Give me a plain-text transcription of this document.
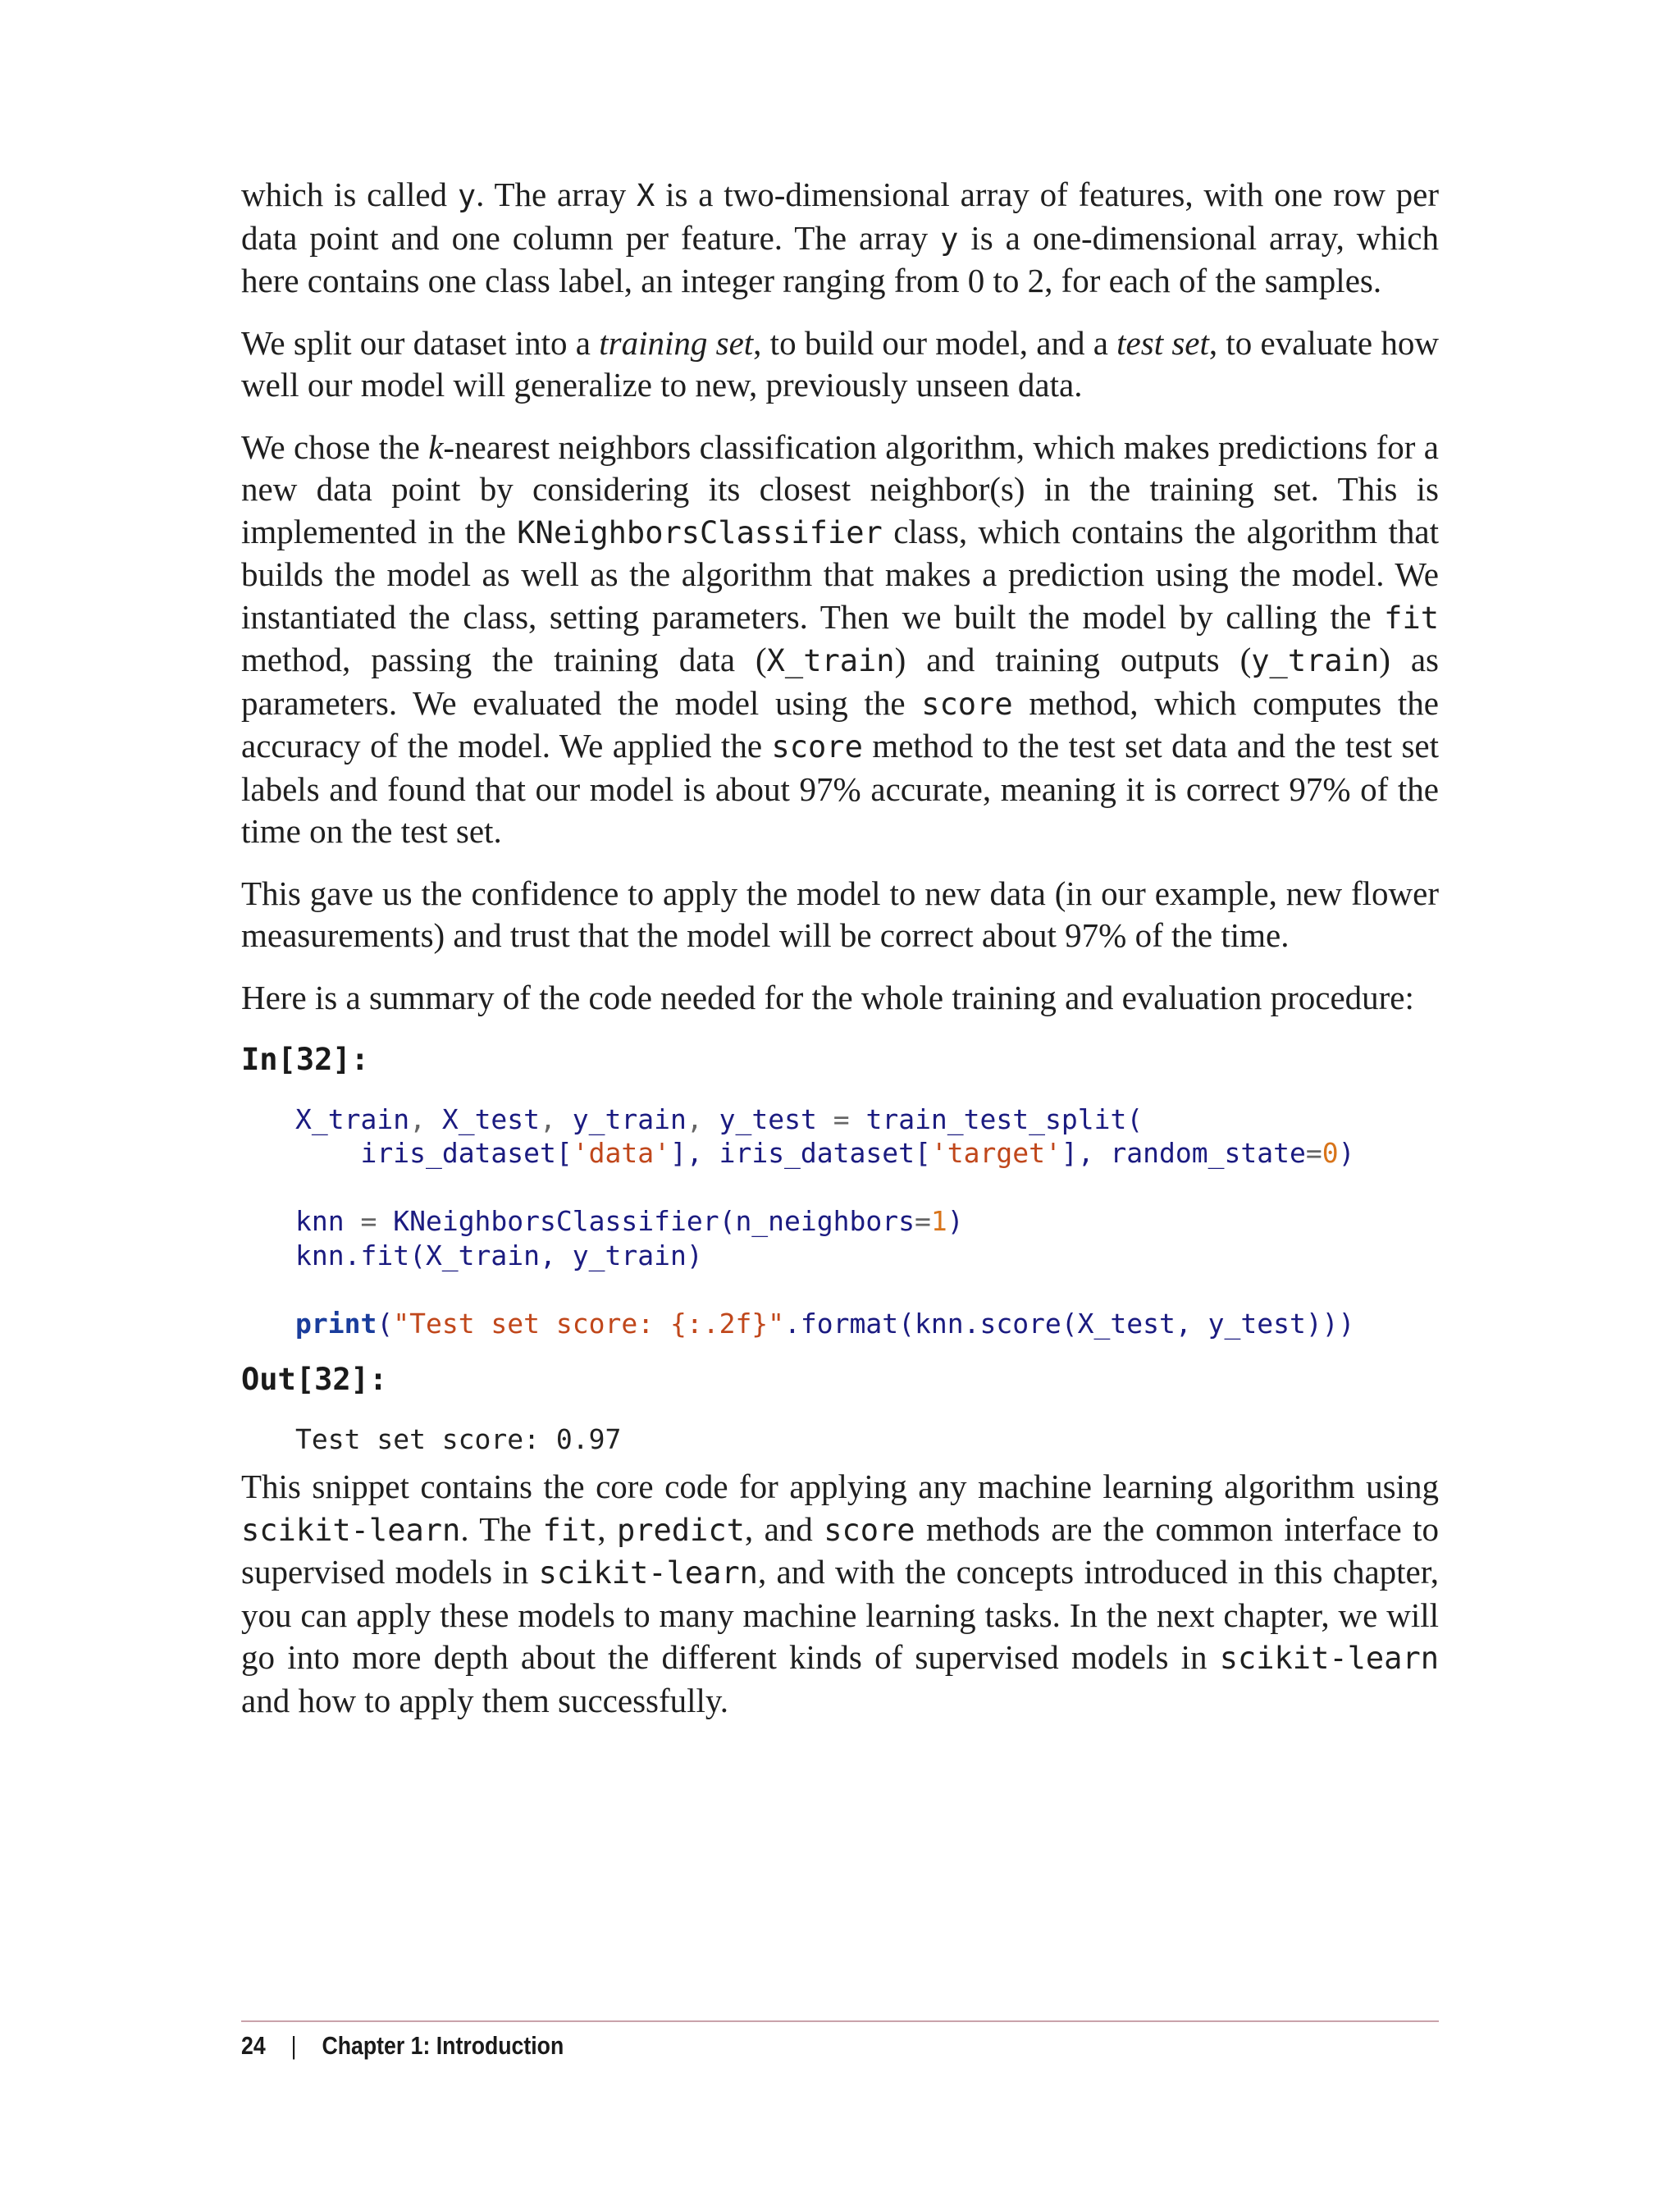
which is called y. The array X is a two-dimensional array of features, with one row per data point and one column per feature. The array y is a one-dimensional array, which here contains one class label, an integer ranging from 0 to 2, for each of the samples.

We split our dataset into a training set, to build our model, and a test set, to evaluate how well our model will generalize to new, previously unseen data.

We chose the k-nearest neighbors classification algorithm, which makes predictions for a new data point by considering its closest neighbor(s) in the training set. This is implemented in the KNeighborsClassifier class, which contains the algorithm that builds the model as well as the algorithm that makes a prediction using the model. We instantiated the class, setting parameters. Then we built the model by calling the fit method, passing the training data (X_train) and training outputs (y_train) as parameters. We evaluated the model using the score method, which computes the accuracy of the model. We applied the score method to the test set data and the test set labels and found that our model is about 97% accurate, meaning it is correct 97% of the time on the test set.

This gave us the confidence to apply the model to new data (in our example, new flower measurements) and trust that the model will be correct about 97% of the time.

Here is a summary of the code needed for the whole training and evaluation procedure:

In[32]:
X_train, X_test, y_train, y_test = train_test_split(
iris_dataset['data'], iris_dataset['target'], random_state=0)

knn = KNeighborsClassifier(n_neighbors=1)
knn.fit(X_train, y_train)

print("Test set score: {:.2f}".format(knn.score(X_test, y_test)))
Out[32]:
Test set score: 0.97

This snippet contains the core code for applying any machine learning algorithm using scikit-learn. The fit, predict, and score methods are the common interface to supervised models in scikit-learn, and with the concepts introduced in this chapter, you can apply these models to many machine learning tasks. In the next chapter, we will go into more depth about the different kinds of supervised models in scikit-learn and how to apply them successfully.

24 | Chapter 1: Introduction
